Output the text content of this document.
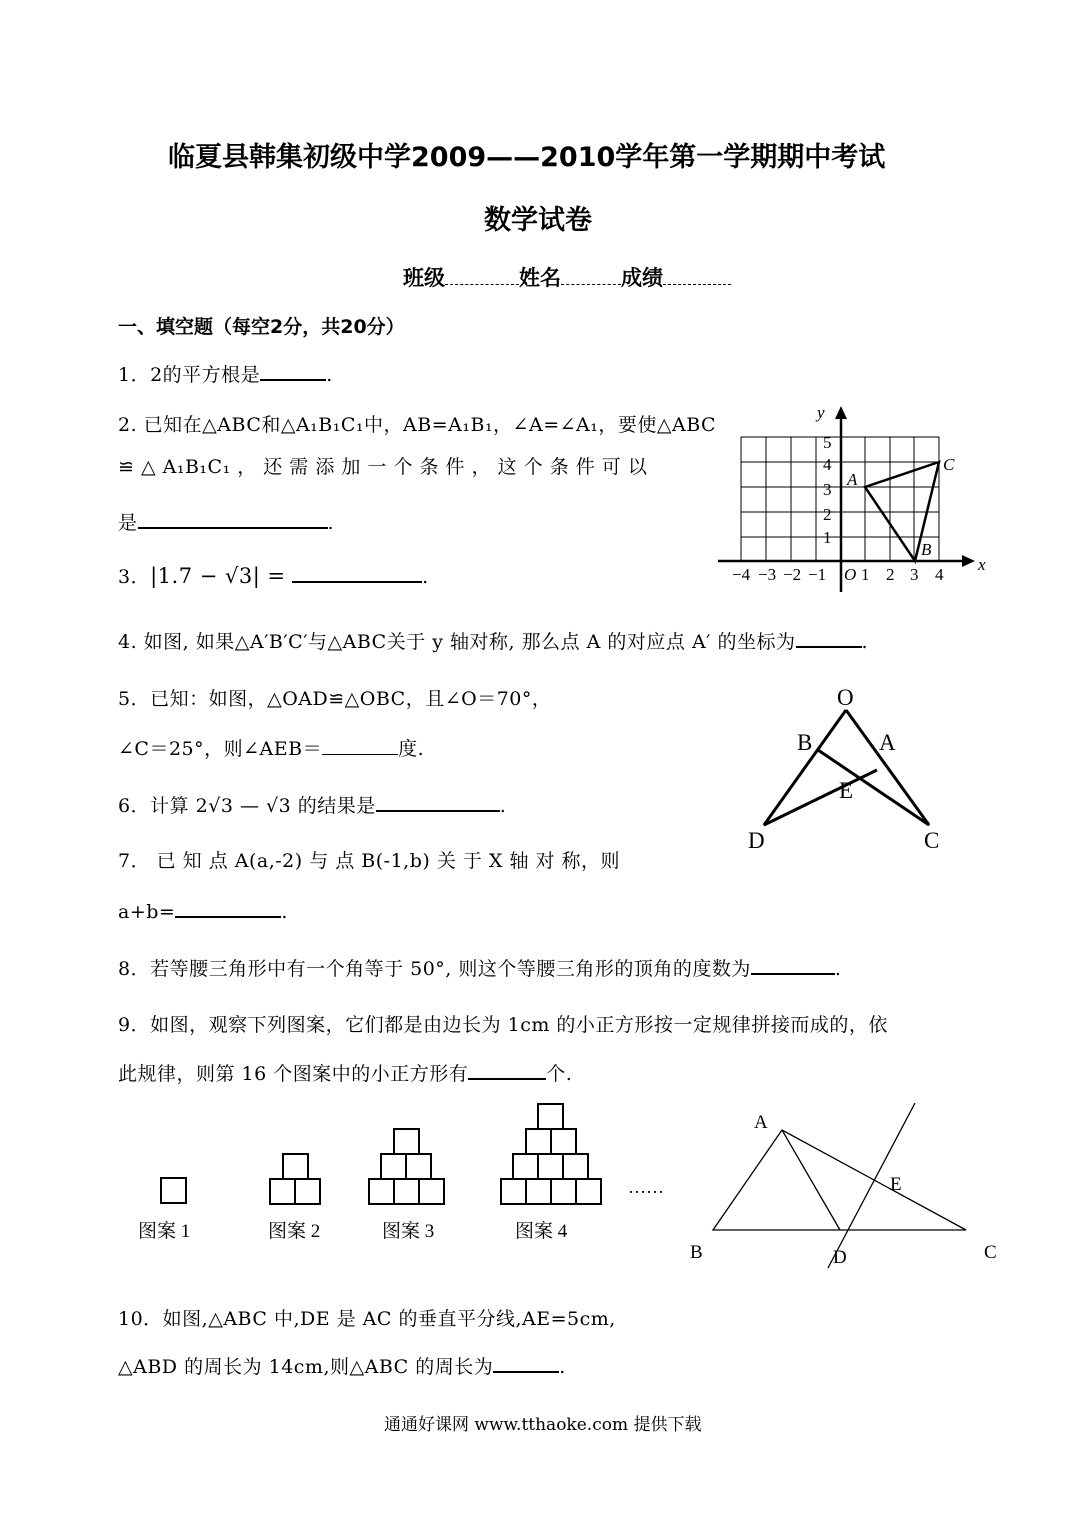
临夏县韩集初级中学2009——2010学年第一学期期中考试
数学试卷
班级	姓名	成绩
一、填空题（每空2分，共20分）
1．2的平方根是	.
2. 已知在△ABC和△A₁B₁C₁中，AB=A₁B₁，∠A=∠A₁，要使△ABC
≌ △ A₁B₁C₁ ， 还 需 添 加 一 个 条 件 ， 这 个 条 件 可 以
是	.
3．|1.7 − √3| =	.
4. 如图, 如果△A′B′C′与△ABC关于 y 轴对称, 那么点 A 的对应点 A′ 的坐标为	.
5．已知：如图，△OAD≌△OBC，且∠O＝70°，
∠C＝25°，则∠AEB＝	度.
6．计算 2√3 — √3 的结果是	.
7． 已 知 点 A(a,-2) 与 点 B(-1,b) 关 于 X 轴 对 称，则
a+b=	.
8．若等腰三角形中有一个角等于 50°, 则这个等腰三角形的顶角的度数为	.
9．如图，观察下列图案，它们都是由边长为 1cm 的小正方形按一定规律拼接而成的，依
此规律，则第 16 个图案中的小正方形有	个.
10．如图,△ABC 中,DE 是 AC 的垂直平分线,AE=5cm,
△ABD 的周长为 14cm,则△ABC 的周长为	.
y
x
O
−4 −3 −2 −1 1 2 3 4
1
2
3
4
5
A
B
C
O
B	A
E
D	C
……
图案 1	图案 2	图案 3	图案 4
A
E
B	D	C
通通好课网 www.tthaoke.com 提供下载
